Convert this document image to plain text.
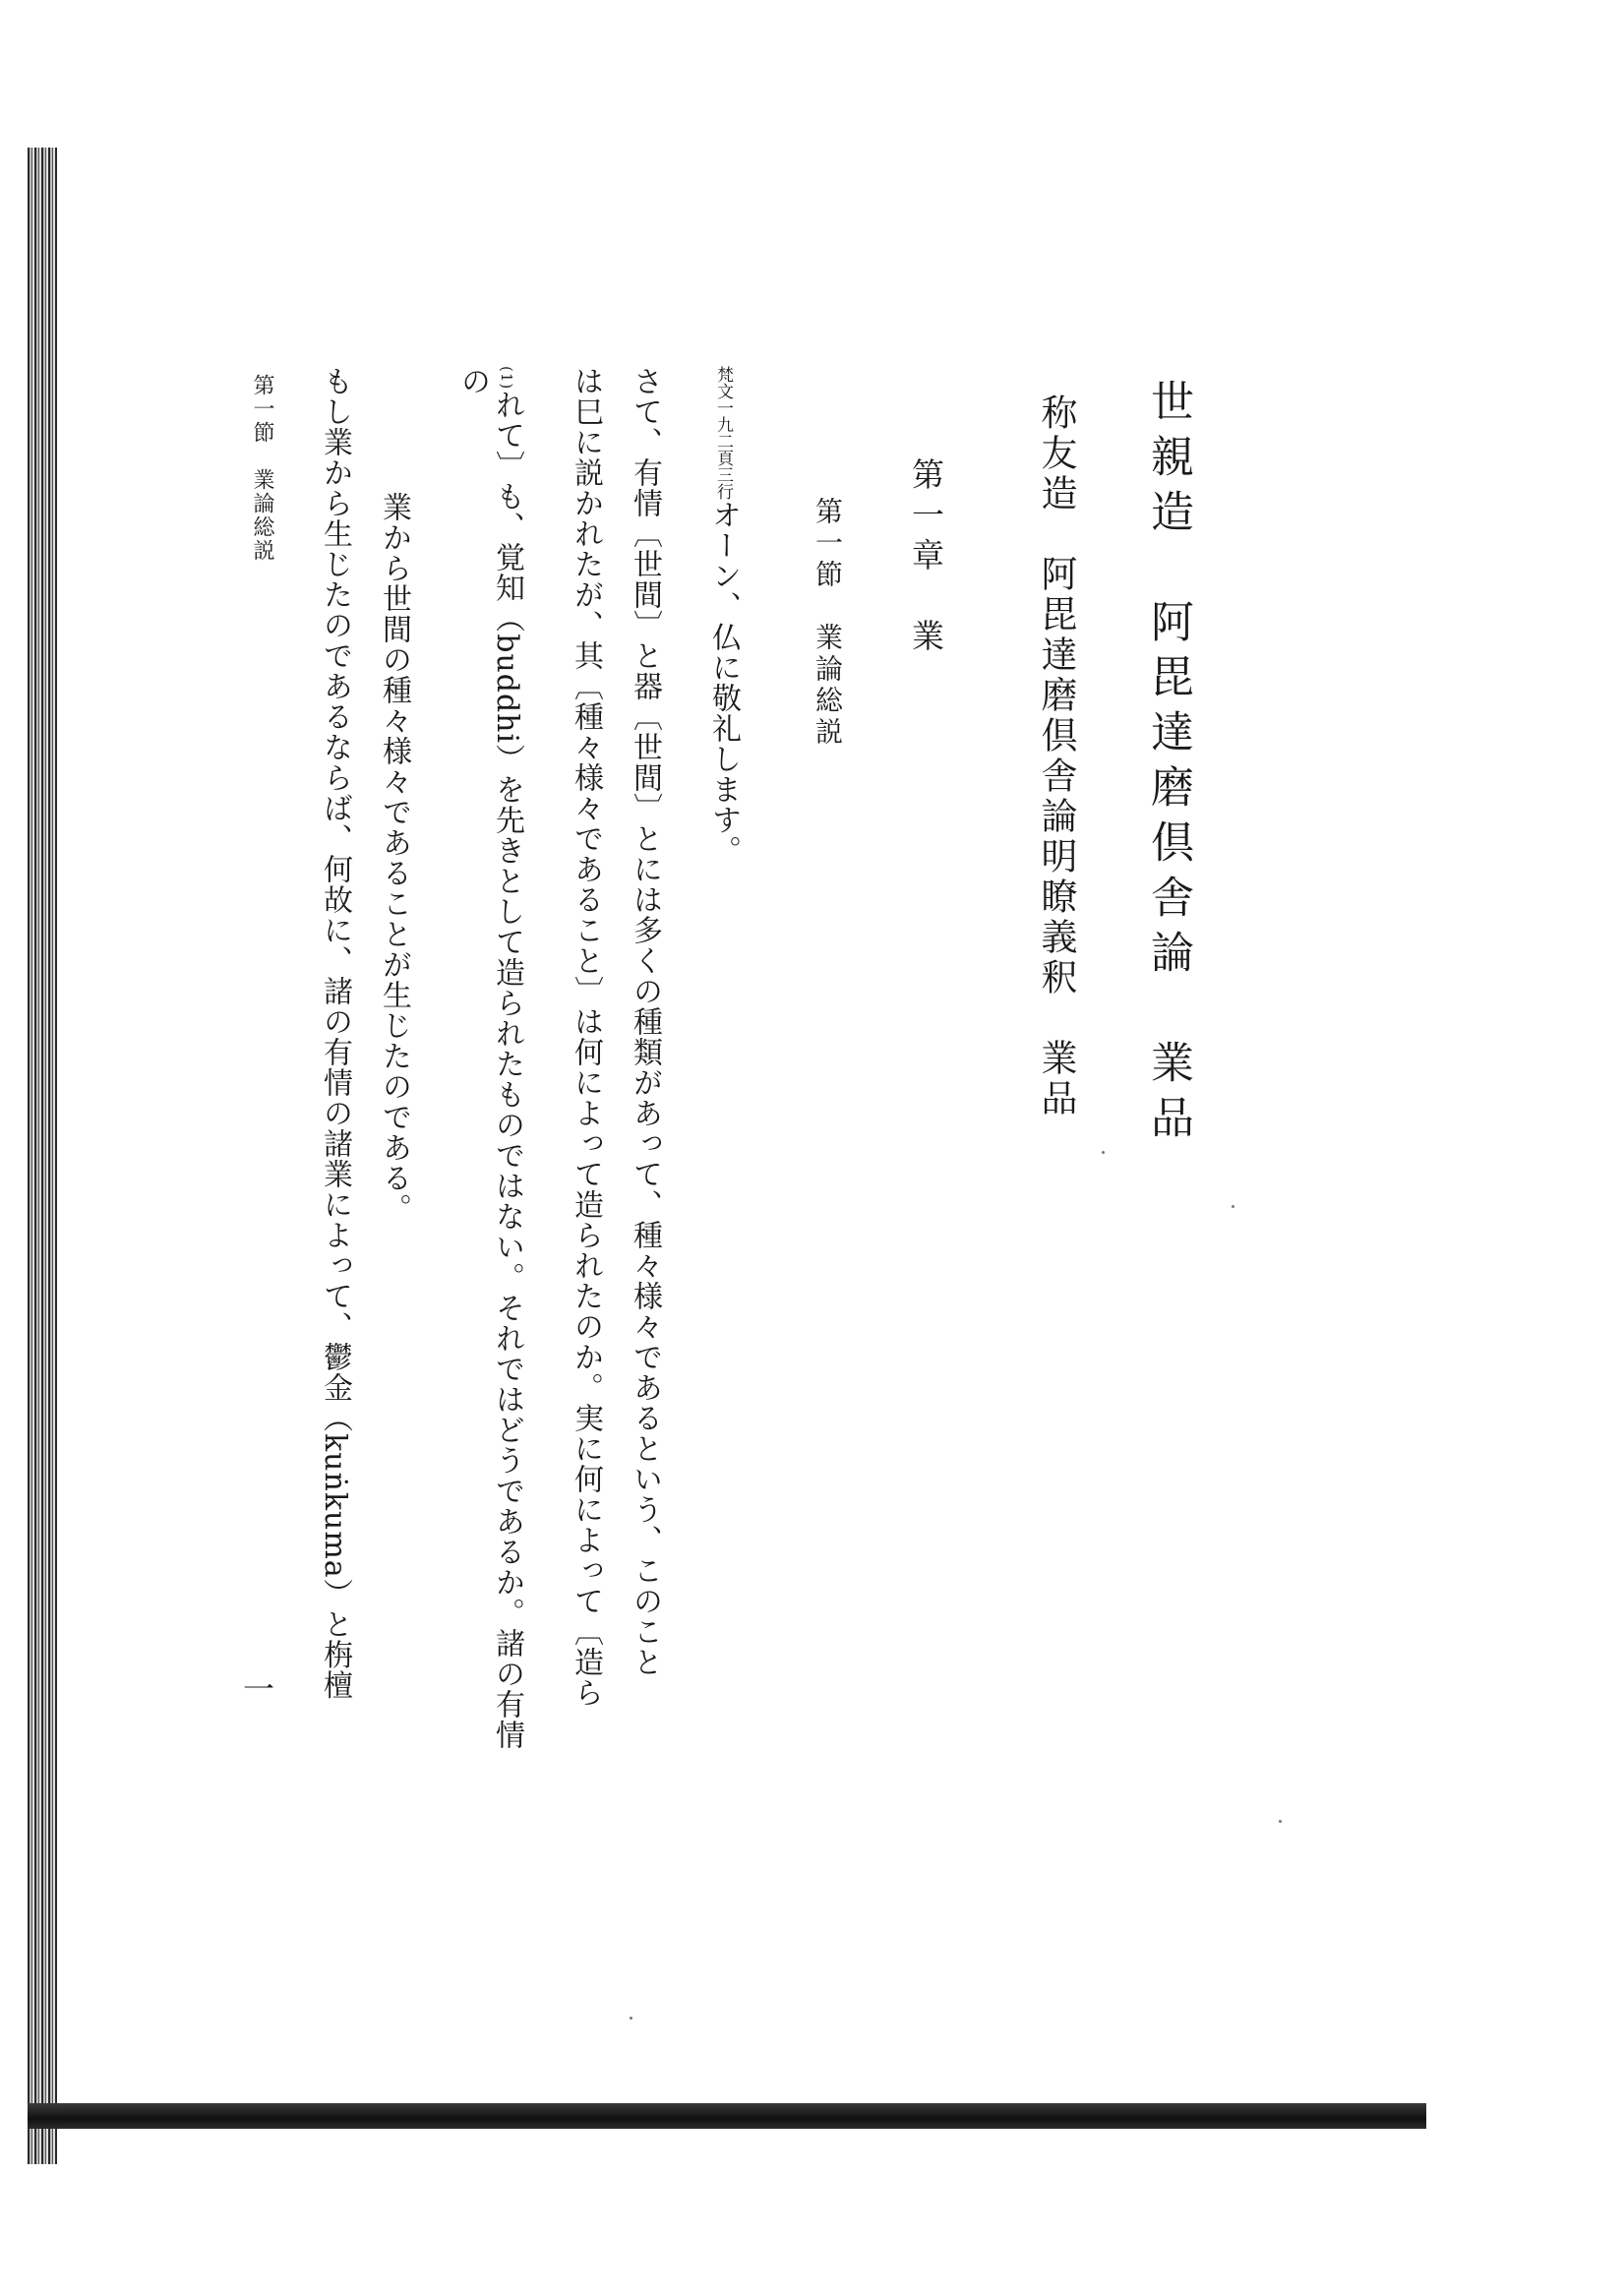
世親造　阿毘達磨倶舎論　業品
称友造　阿毘達磨倶舎論明瞭義釈　業品
第一章　業
第一節　業論総説
梵文一九二頁三行オーン、仏に敬礼します。
さて、有情〔世間〕と器〔世間〕とには多くの種類があって、種々様々であるという、このこと
は巳に説かれたが、其〔種々様々であること〕は何によって造られたのか。実に何によって〔造ら
(1)れて〕も、覚知（buddhi）を先きとして造られたものではない。それではどうであるか。諸の有情
の
業から世間の種々様々であることが生じたのである。
もし業から生じたのであるならば、何故に、諸の有情の諸業によって、鬱金（kuṅkuma）と栴檀
第一節　業論総説
一
